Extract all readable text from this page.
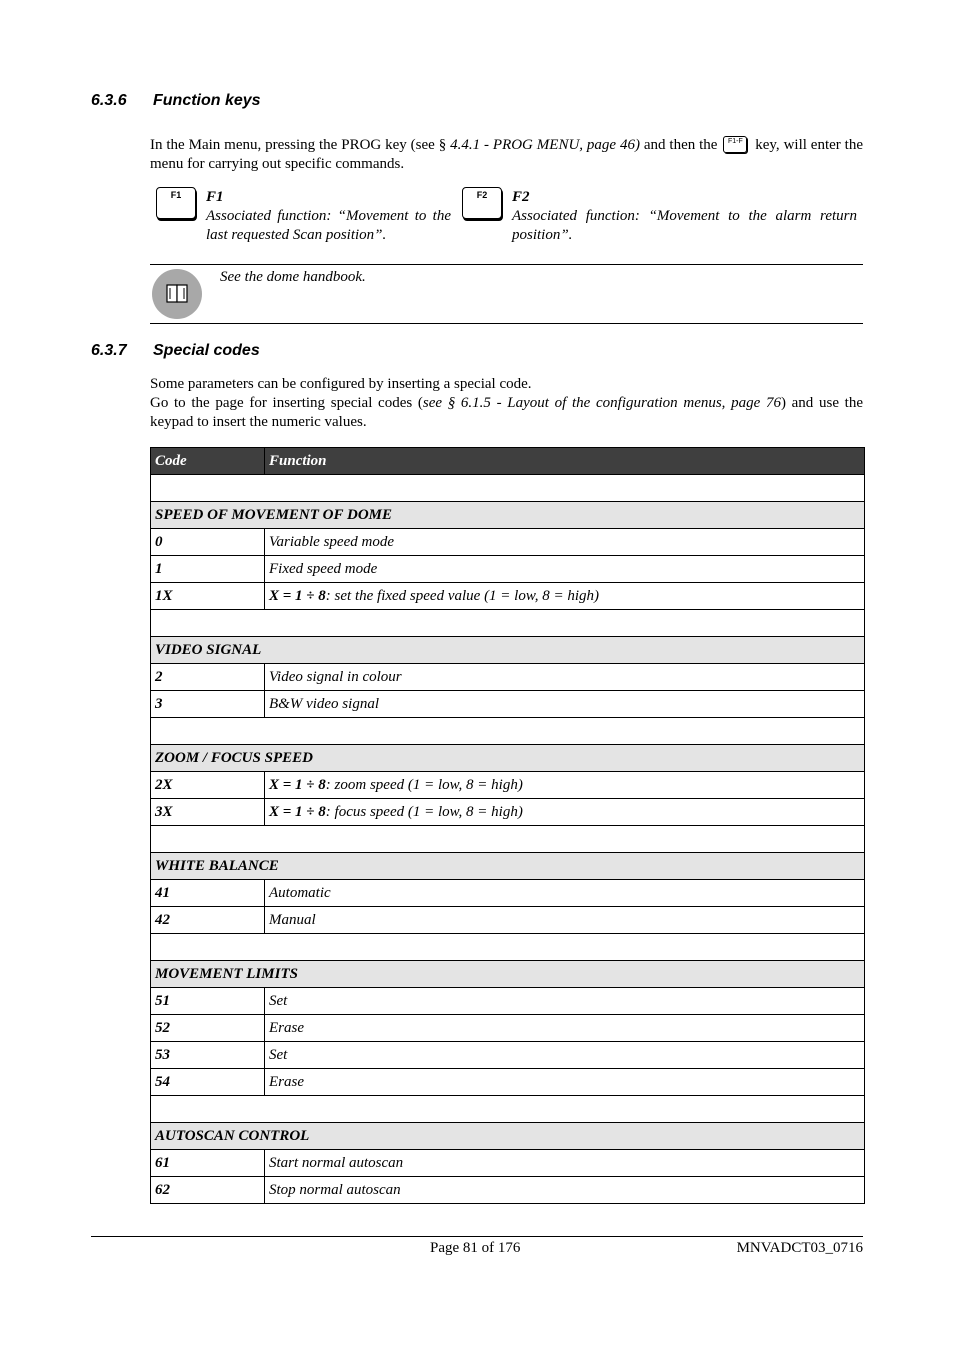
6.3.6 Function keys
In the Main menu, pressing the PROG key (see § 4.4.1 - PROG MENU, page 46) and then the F1-F key, will enter the menu for carrying out specific commands.
F1	F1
Associated function: “Movement to the last requested Scan position”.
F2	F2
Associated function: “Movement to the alarm return position”.
See the dome handbook.
6.3.7 Special codes
Some parameters can be configured by inserting a special code.
Go to the page for inserting special codes (see § 6.1.5 - Layout of the configuration menus, page 76) and use the keypad to insert the numeric values.
Code	Function

SPEED OF MOVEMENT OF DOME	
0	Variable speed mode
1	Fixed speed mode
1X	X = 1 ÷ 8: set the fixed speed value (1 = low, 8 = high)

VIDEO SIGNAL	
2	Video signal in colour
3	B&W video signal

ZOOM / FOCUS SPEED	
2X	X = 1 ÷ 8: zoom speed (1 = low, 8 = high)
3X	X = 1 ÷ 8: focus speed (1 = low, 8 = high)

WHITE BALANCE	
41	Automatic
42	Manual

MOVEMENT LIMITS	
51	Set
52	Erase
53	Set
54	Erase

AUTOSCAN CONTROL	
61	Start normal autoscan
62	Stop normal autoscan
Page 81 of 176	MNVADCT03_0716
